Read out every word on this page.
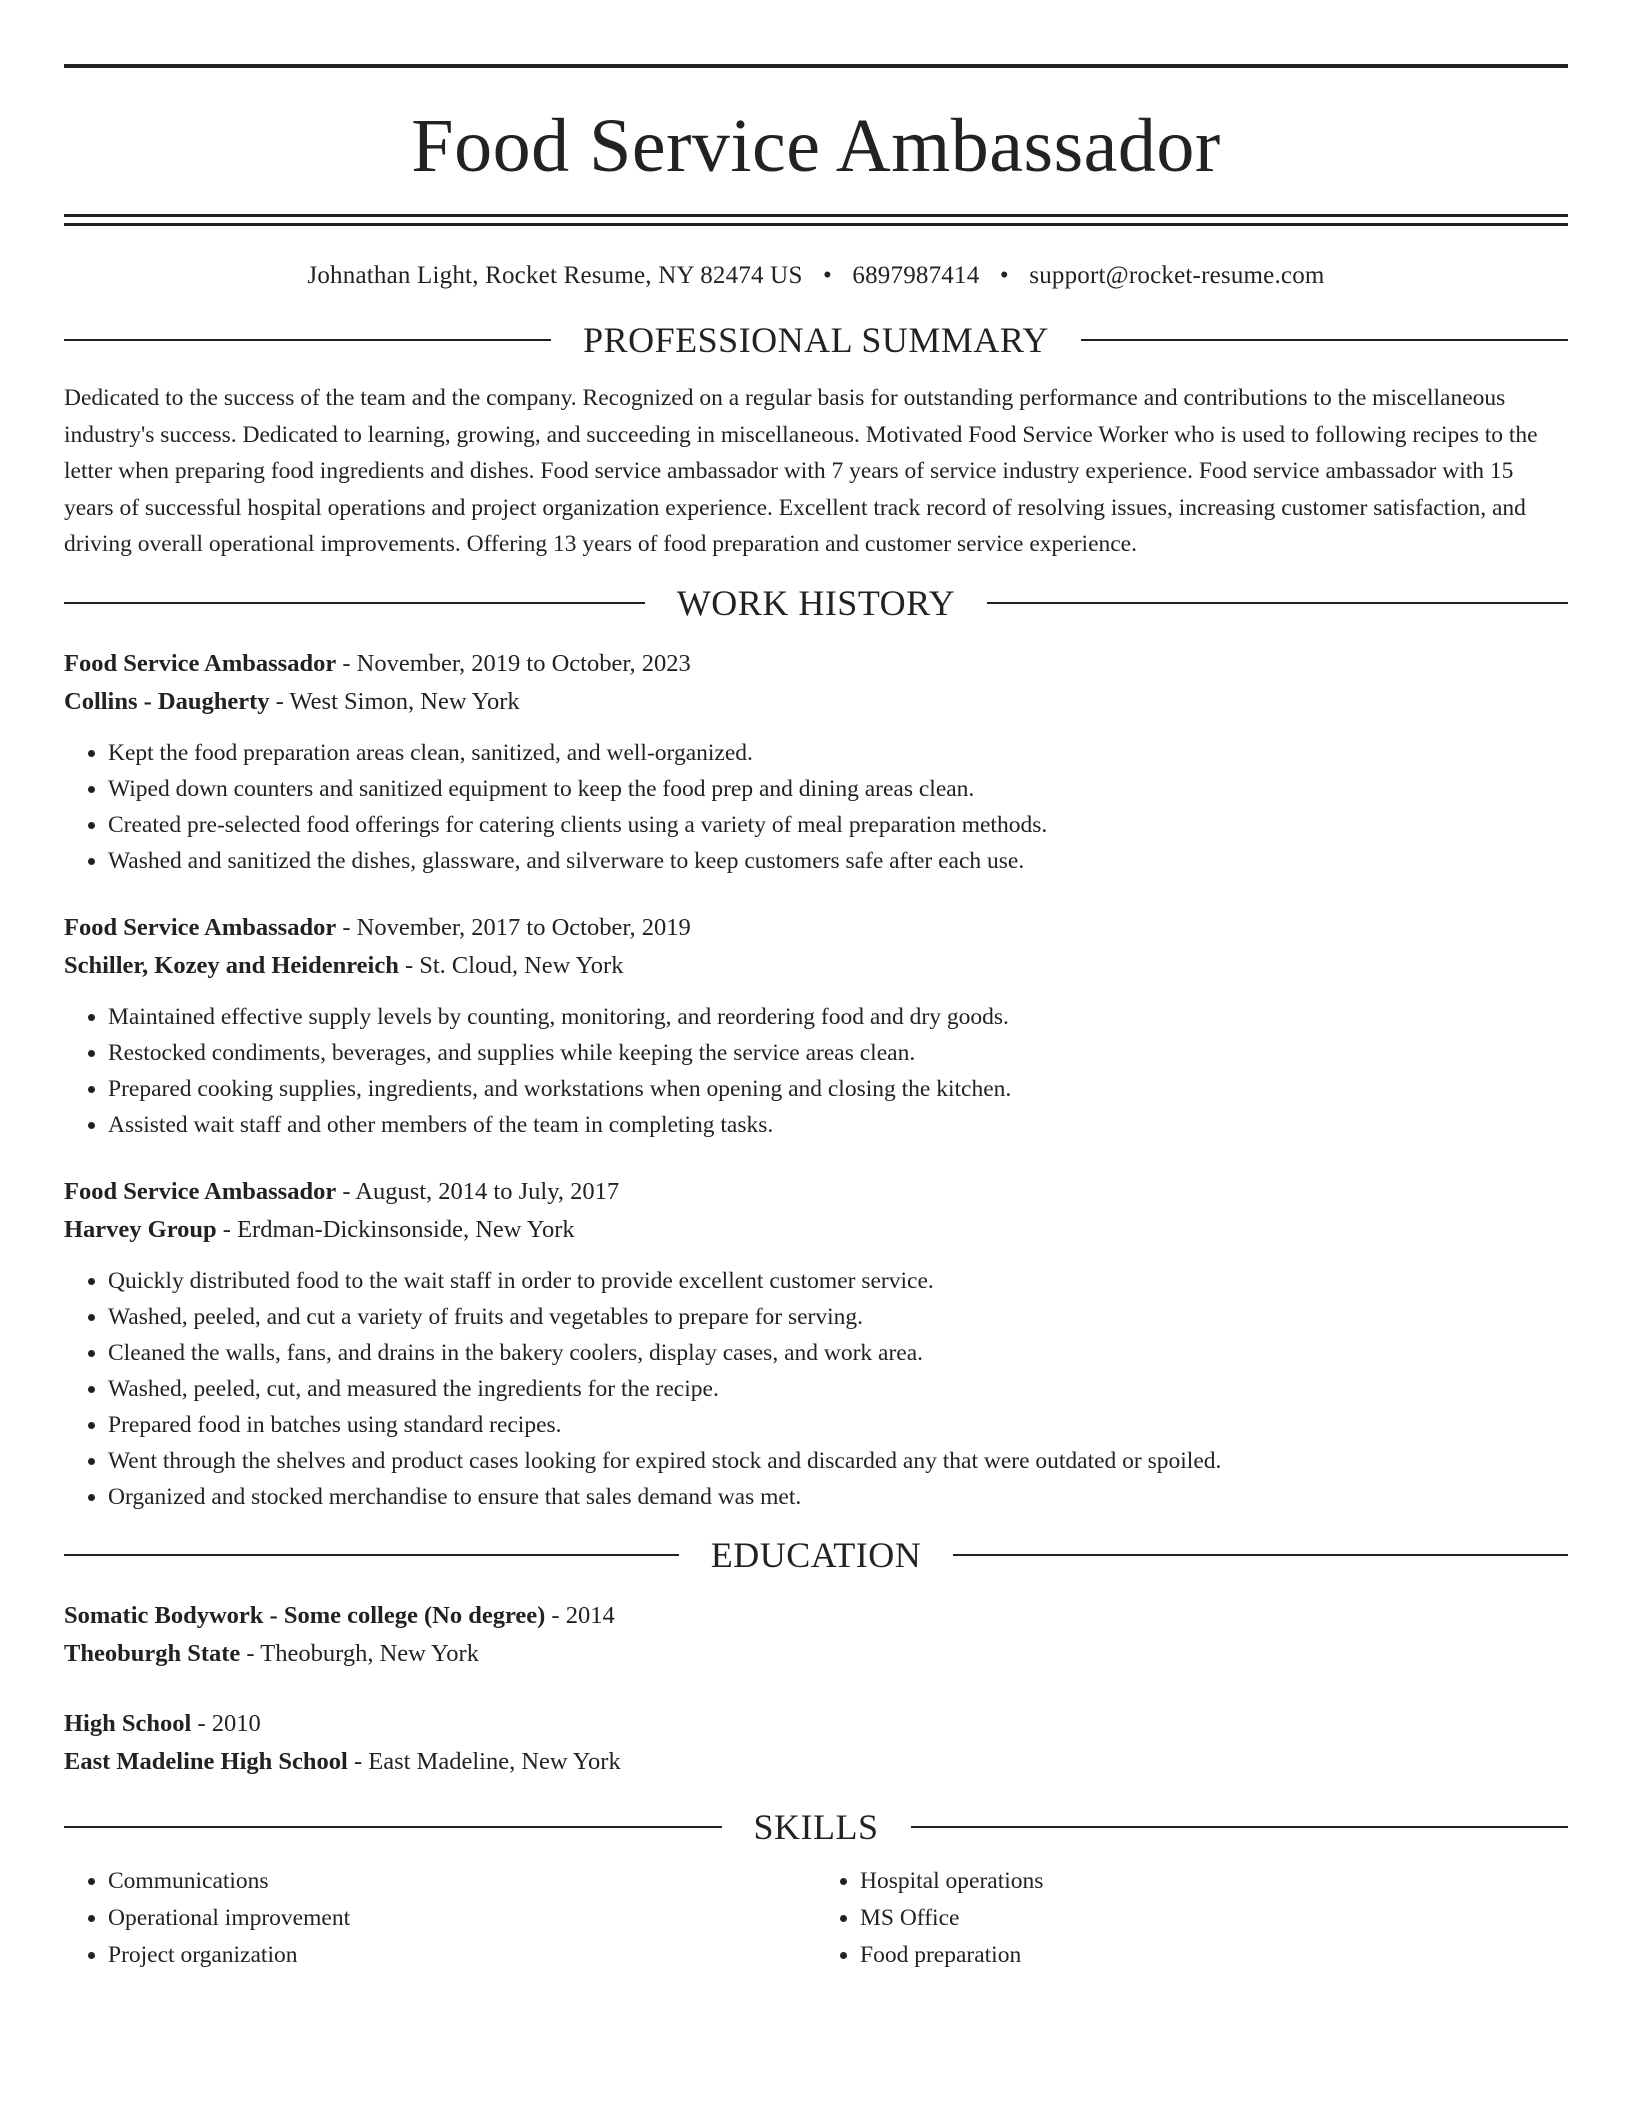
Food Service Ambassador
Johnathan Light, Rocket Resume, NY 82474 US • 6897987414 • support@rocket-resume.com
PROFESSIONAL SUMMARY

Dedicated to the success of the team and the company. Recognized on a regular basis for outstanding performance and contributions to the miscellaneous industry's success. Dedicated to learning, growing, and succeeding in miscellaneous. Motivated Food Service Worker who is used to following recipes to the letter when preparing food ingredients and dishes. Food service ambassador with 7 years of service industry experience. Food service ambassador with 15 years of successful hospital operations and project organization experience. Excellent track record of resolving issues, increasing customer satisfaction, and driving overall operational improvements. Offering 13 years of food preparation and customer service experience.

WORK HISTORY
Food Service Ambassador - November, 2019 to October, 2023
Collins - Daugherty - West Simon, New York
• Kept the food preparation areas clean, sanitized, and well-organized.
• Wiped down counters and sanitized equipment to keep the food prep and dining areas clean.
• Created pre-selected food offerings for catering clients using a variety of meal preparation methods.
• Washed and sanitized the dishes, glassware, and silverware to keep customers safe after each use.
Food Service Ambassador - November, 2017 to October, 2019
Schiller, Kozey and Heidenreich - St. Cloud, New York
• Maintained effective supply levels by counting, monitoring, and reordering food and dry goods.
• Restocked condiments, beverages, and supplies while keeping the service areas clean.
• Prepared cooking supplies, ingredients, and workstations when opening and closing the kitchen.
• Assisted wait staff and other members of the team in completing tasks.
Food Service Ambassador - August, 2014 to July, 2017
Harvey Group - Erdman-Dickinsonside, New York
• Quickly distributed food to the wait staff in order to provide excellent customer service.
• Washed, peeled, and cut a variety of fruits and vegetables to prepare for serving.
• Cleaned the walls, fans, and drains in the bakery coolers, display cases, and work area.
• Washed, peeled, cut, and measured the ingredients for the recipe.
• Prepared food in batches using standard recipes.
• Went through the shelves and product cases looking for expired stock and discarded any that were outdated or spoiled.
• Organized and stocked merchandise to ensure that sales demand was met.
EDUCATION
Somatic Bodywork - Some college (No degree) - 2014
Theoburgh State - Theoburgh, New York
High School - 2010
East Madeline High School - East Madeline, New York
SKILLS
• Communications
• Operational improvement
• Project organization
• Hospital operations
• MS Office
• Food preparation
